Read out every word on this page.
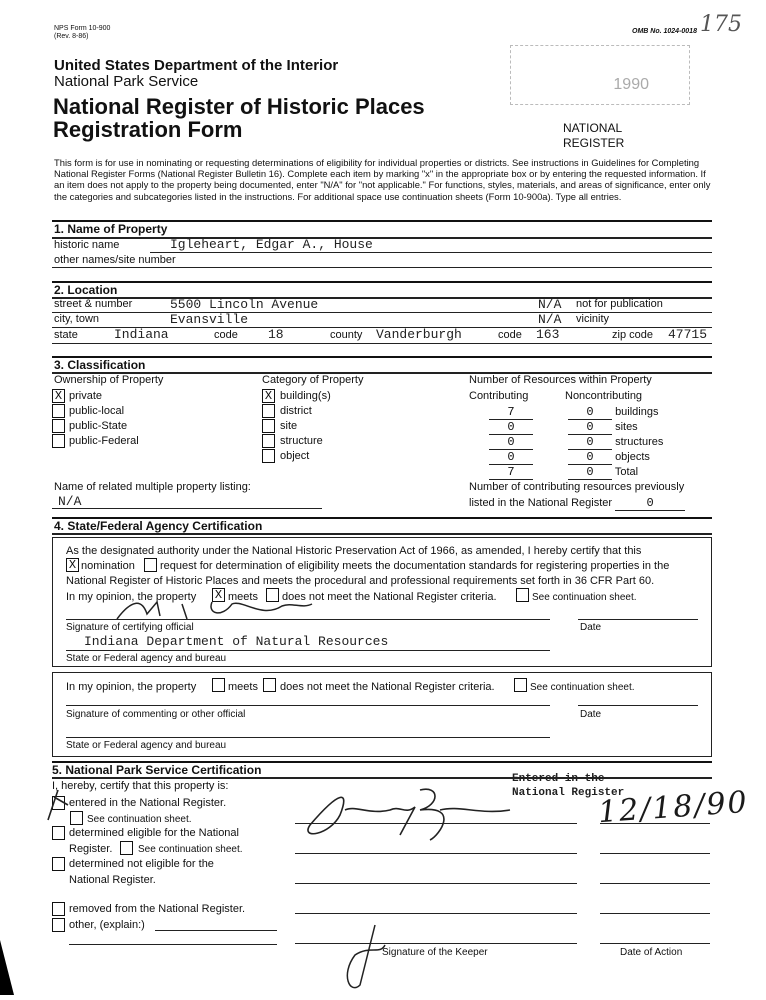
NPS Form 10-900
(Rev. 8-86)
OMB No. 1024-0018 175
United States Department of the Interior
National Park Service
National Register of Historic Places
Registration Form
1990
NATIONAL
REGISTER
This form is for use in nominating or requesting determinations of eligibility for individual properties or districts. See instructions in Guidelines for Completing National Register Forms (National Register Bulletin 16). Complete each item by marking "x" in the appropriate box or by entering the requested information. If an item does not apply to the property being documented, enter "N/A" for "not applicable." For functions, styles, materials, and areas of significance, enter only the categories and subcategories listed in the instructions. For additional space use continuation sheets (Form 10-900a). Type all entries.
1. Name of Property
historic name	Igleheart, Edgar A., House
other names/site number
2. Location
street & number	5500 Lincoln Avenue	N/A not for publication
city, town	Evansville	N/A vicinity
state	Indiana	code 18	county Vanderburgh	code 163	zip code 47715
3. Classification
Ownership of Property	Category of Property	Number of Resources within Property
Contributing	Noncontributing
X private
public-local
public-State
public-Federal
X building(s)
district
site
structure
object
7	0 buildings
0	0 sites
0	0 structures
0	0 objects
7	0 Total
Name of related multiple property listing:
N/A
Number of contributing resources previously
listed in the National Register	0
4. State/Federal Agency Certification
As the designated authority under the National Historic Preservation Act of 1966, as amended, I hereby certify that this
X nomination request for determination of eligibility meets the documentation standards for registering properties in the
National Register of Historic Places and meets the procedural and professional requirements set forth in 36 CFR Part 60.
In my opinion, the property X meets does not meet the National Register criteria.	See continuation sheet.
Signature of certifying official	Date
Indiana Department of Natural Resources
State or Federal agency and bureau
In my opinion, the property	meets does not meet the National Register criteria.	See continuation sheet.
Signature of commenting or other official	Date
State or Federal agency and bureau
5. National Park Service Certification
I, hereby, certify that this property is:
entered in the National Register.
See continuation sheet.
determined eligible for the National
Register.	See continuation sheet.
determined not eligible for the
National Register.
removed from the National Register.
other, (explain:)
Entered in the
National Register
12/18/90
Signature of the Keeper	Date of Action
